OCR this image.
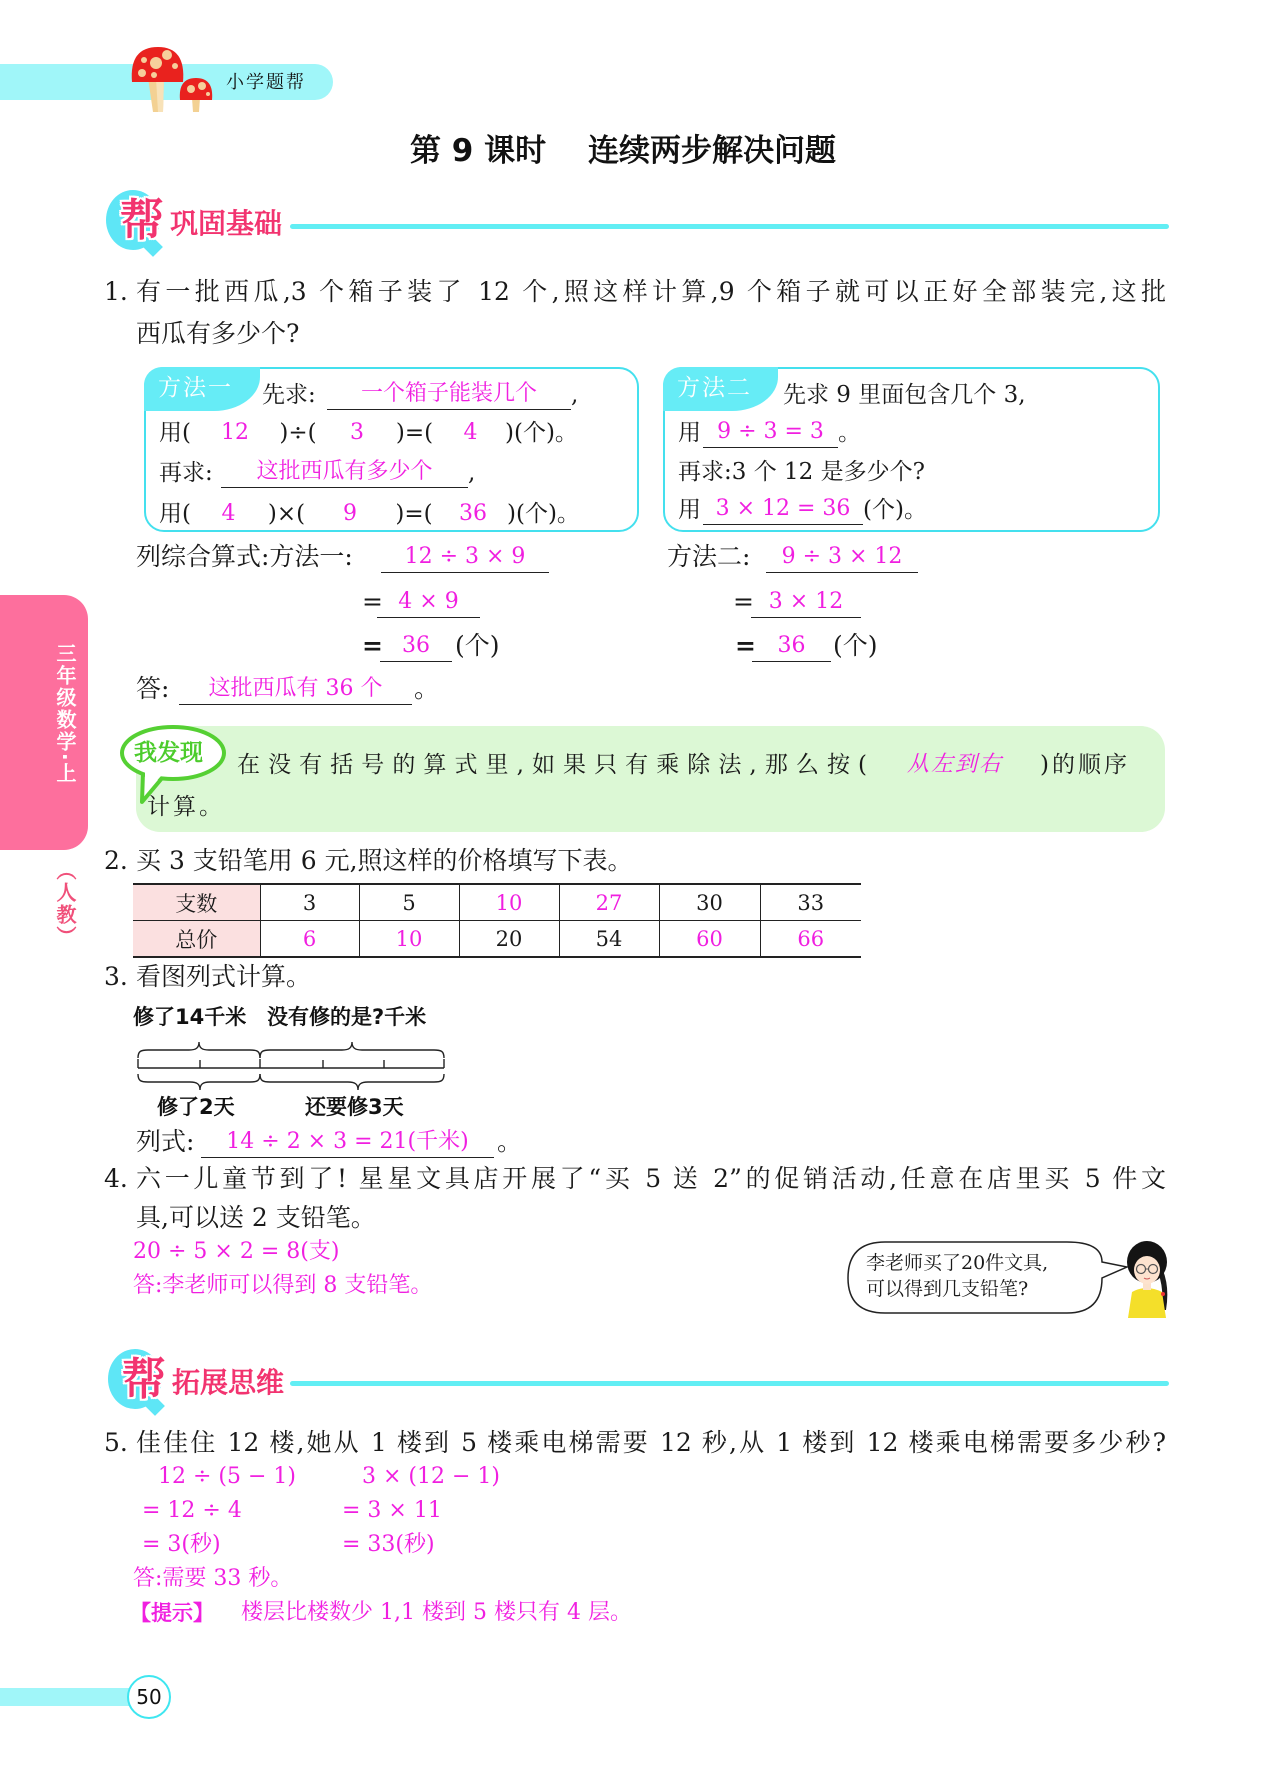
小学题帮
第 9 课时 连续两步解决问题
帮 巩固基础
三年级数学·上
（人教）
1. 有一批西瓜,3 个箱子装了 12 个,照这样计算,9 个箱子就可以正好全部装完,这批
西瓜有多少个?
方法一	先求:	一个箱子能装几个	,
用(	12	)÷(	3	)=(	4	)(个)。
再求:	这批西瓜有多少个	,
用(	4	)×(	9	)=(	36 )(个)。
方法二	先求 9 里面包含几个 3,
用 9 ÷ 3 = 3 。
再求:3 个 12 是多少个?
用 3 × 12 = 36 (个)。
列综合算式:方法一:	12 ÷ 3 × 9	方法二:	9 ÷ 3 × 12
= 4 × 9	= 3 × 12
= 36	(个)	= 36	(个)
答:	这批西瓜有 36 个	。
我发现 在没有括号的算式里,如果只有乘除法,那么按(	从左到右	)的顺序
计算。
2. 买 3 支铅笔用 6 元,照这样的价格填写下表。
支数	3	5	10	27	30	33
总价	6	10	20	54	60	66
3. 看图列式计算。
修了14千米 没有修的是?千米
修了2天	还要修3天
列式:	14 ÷ 2 × 3 = 21(千米)	。
4. 六一儿童节到了! 星星文具店开展了“买 5 送 2”的促销活动,任意在店里买 5 件文
具,可以送 2 支铅笔。
20 ÷ 5 × 2 = 8(支)
答:李老师可以得到 8 支铅笔。
李老师买了20件文具,
可以得到几支铅笔?
帮 拓展思维
5. 佳佳住 12 楼,她从 1 楼到 5 楼乘电梯需要 12 秒,从 1 楼到 12 楼乘电梯需要多少秒?
12 ÷ (5 − 1)	3 × (12 − 1)
= 12 ÷ 4	= 3 × 11
= 3(秒)	= 33(秒)
答:需要 33 秒。
【提示】 楼层比楼数少 1,1 楼到 5 楼只有 4 层。
50
